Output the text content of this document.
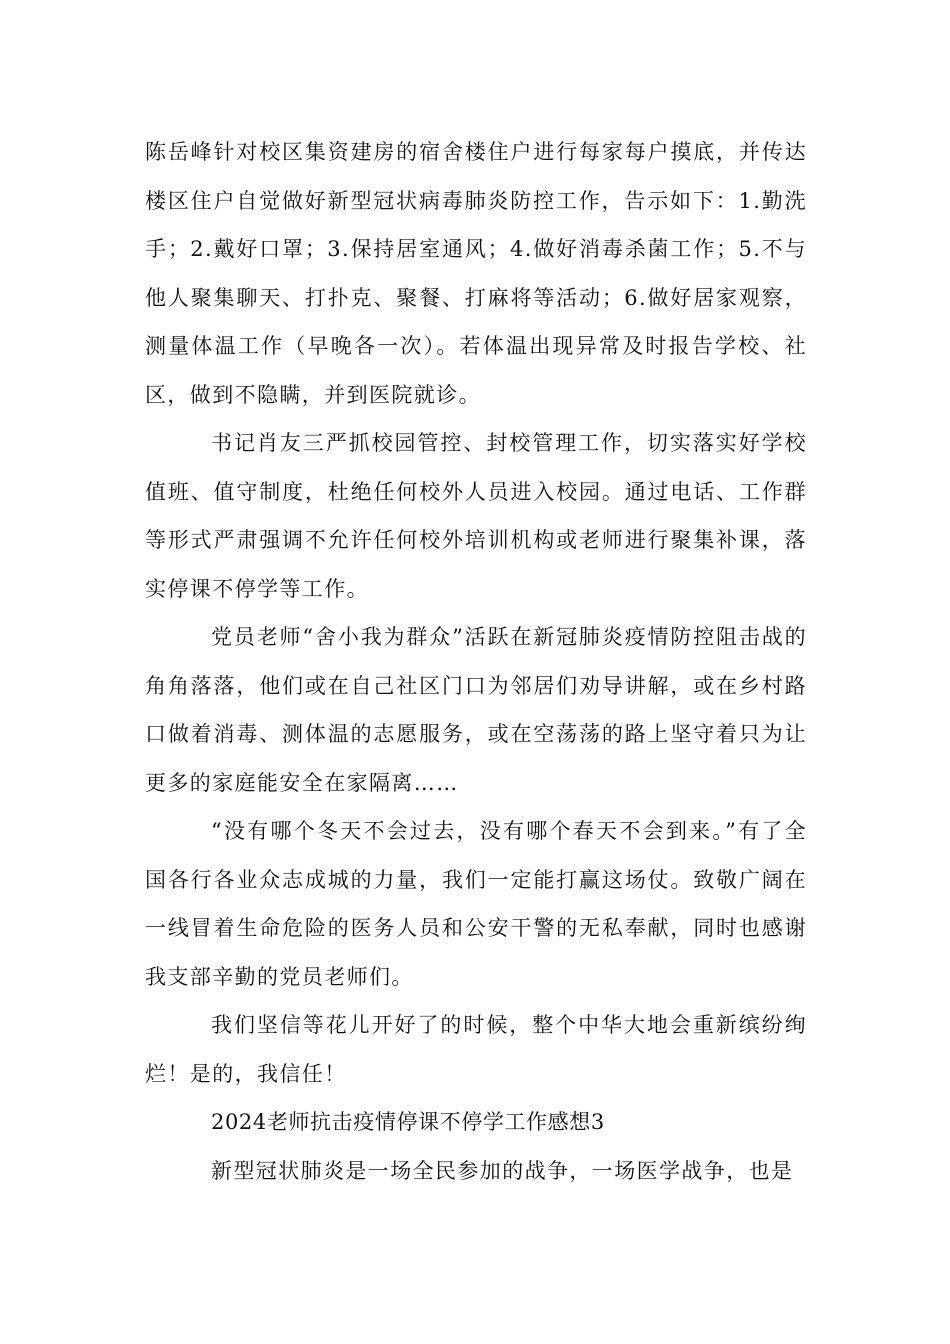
陈岳峰针对校区集资建房的宿舍楼住户进行每家每户摸底，并传达楼区住户自觉做好新型冠状病毒肺炎防控工作，告示如下：1.勤洗手；2.戴好口罩；3.保持居室通风；4.做好消毒杀菌工作；5.不与他人聚集聊天、打扑克、聚餐、打麻将等活动；6.做好居家观察，测量体温工作（早晚各一次）。若体温出现异常及时报告学校、社区，做到不隐瞒，并到医院就诊。

书记肖友三严抓校园管控、封校管理工作，切实落实好学校值班、值守制度，杜绝任何校外人员进入校园。通过电话、工作群等形式严肃强调不允许任何校外培训机构或老师进行聚集补课，落实停课不停学等工作。

党员老师“舍小我为群众”活跃在新冠肺炎疫情防控阻击战的角角落落，他们或在自己社区门口为邻居们劝导讲解，或在乡村路口做着消毒、测体温的志愿服务，或在空荡荡的路上坚守着只为让更多的家庭能安全在家隔离……

“没有哪个冬天不会过去，没有哪个春天不会到来。”有了全国各行各业众志成城的力量，我们一定能打赢这场仗。致敬广阔在一线冒着生命危险的医务人员和公安干警的无私奉献，同时也感谢我支部辛勤的党员老师们。

我们坚信等花儿开好了的时候，整个中华大地会重新缤纷绚烂！是的，我信任！

2024老师抗击疫情停课不停学工作感想3

新型冠状肺炎是一场全民参加的战争，一场医学战争，也是
